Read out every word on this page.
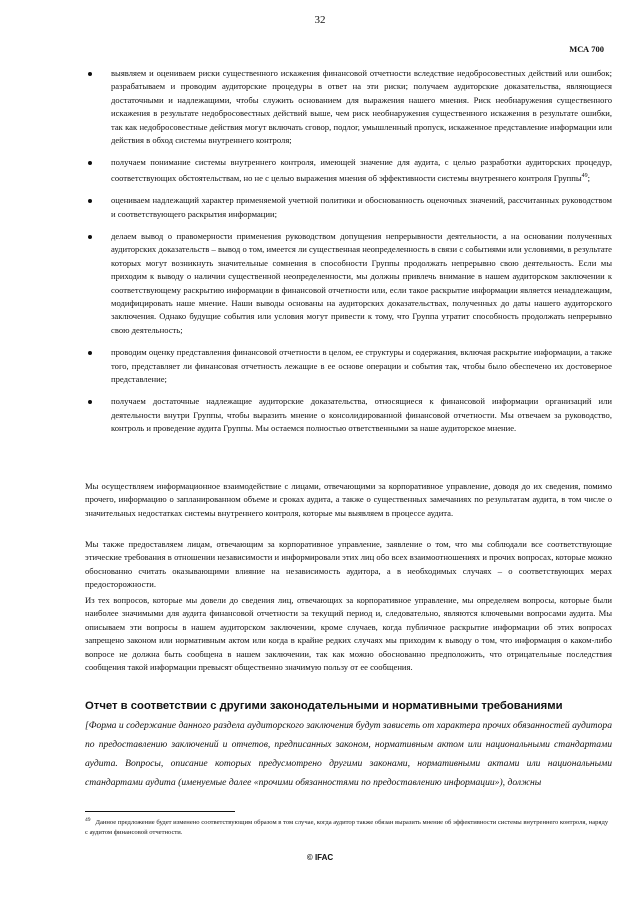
32
МСА 700
выявляем и оцениваем риски существенного искажения финансовой отчетности вследствие недобросовестных действий или ошибок; разрабатываем и проводим аудиторские процедуры в ответ на эти риски; получаем аудиторские доказательства, являющиеся достаточными и надлежащими, чтобы служить основанием для выражения нашего мнения. Риск необнаружения существенного искажения в результате недобросовестных действий выше, чем риск необнаружения существенного искажения в результате ошибки, так как недобросовестные действия могут включать сговор, подлог, умышленный пропуск, искаженное представление информации или действия в обход системы внутреннего контроля;
получаем понимание системы внутреннего контроля, имеющей значение для аудита, с целью разработки аудиторских процедур, соответствующих обстоятельствам, но не с целью выражения мнения об эффективности системы внутреннего контроля Группы$^{49}$;
оцениваем надлежащий характер применяемой учетной политики и обоснованность оценочных значений, рассчитанных руководством и соответствующего раскрытия информации;
делаем вывод о правомерности применения руководством допущения непрерывности деятельности, а на основании полученных аудиторских доказательств – вывод о том, имеется ли существенная неопределенность в связи с событиями или условиями, в результате которых могут возникнуть значительные сомнения в способности Группы продолжать непрерывно свою деятельность. Если мы приходим к выводу о наличии существенной неопределенности, мы должны привлечь внимание в нашем аудиторском заключении к соответствующему раскрытию информации в финансовой отчетности или, если такое раскрытие информации является ненадлежащим, модифицировать наше мнение. Наши выводы основаны на аудиторских доказательствах, полученных до даты нашего аудиторского заключения. Однако будущие события или условия могут привести к тому, что Группа утратит способность продолжать непрерывно свою деятельность;
проводим оценку представления финансовой отчетности в целом, ее структуры и содержания, включая раскрытие информации, а также того, представляет ли финансовая отчетность лежащие в ее основе операции и события так, чтобы было обеспечено их достоверное представление;
получаем достаточные надлежащие аудиторские доказательства, относящиеся к финансовой информации организаций или деятельности внутри Группы, чтобы выразить мнение о консолидированной финансовой отчетности. Мы отвечаем за руководство, контроль и проведение аудита Группы. Мы остаемся полностью ответственными за наше аудиторское мнение.
Мы осуществляем информационное взаимодействие с лицами, отвечающими за корпоративное управление, доводя до их сведения, помимо прочего, информацию о запланированном объеме и сроках аудита, а также о существенных замечаниях по результатам аудита, в том числе о значительных недостатках системы внутреннего контроля, которые мы выявляем в процессе аудита.
Мы также предоставляем лицам, отвечающим за корпоративное управление, заявление о том, что мы соблюдали все соответствующие этические требования в отношении независимости и информировали этих лиц обо всех взаимоотношениях и прочих вопросах, которые можно обоснованно считать оказывающими влияние на независимость аудитора, а в необходимых случаях – о соответствующих мерах предосторожности.
Из тех вопросов, которые мы довели до сведения лиц, отвечающих за корпоративное управление, мы определяем вопросы, которые были наиболее значимыми для аудита финансовой отчетности за текущий период и, следовательно, являются ключевыми вопросами аудита. Мы описываем эти вопросы в нашем аудиторском заключении, кроме случаев, когда публичное раскрытие информации об этих вопросах запрещено законом или нормативным актом или когда в крайне редких случаях мы приходим к выводу о том, что информация о каком-либо вопросе не должна быть сообщена в нашем заключении, так как можно обоснованно предположить, что отрицательные последствия сообщения такой информации превысят общественно значимую пользу от ее сообщения.
Отчет в соответствии с другими законодательными и нормативными требованиями
[Форма и содержание данного раздела аудиторского заключения будут зависеть от характера прочих обязанностей аудитора по предоставлению заключений и отчетов, предписанных законом, нормативным актом или национальными стандартами аудита. Вопросы, описание которых предусмотрено другими законами, нормативными актами или национальными стандартами аудита (именуемые далее «прочими обязанностями по предоставлению информации»), должны
$^{49}$ Данное предложение будет изменено соответствующим образом в том случае, когда аудитор также обязан выразить мнение об эффективности системы внутреннего контроля, наряду с аудитом финансовой отчетности.
© IFAC
